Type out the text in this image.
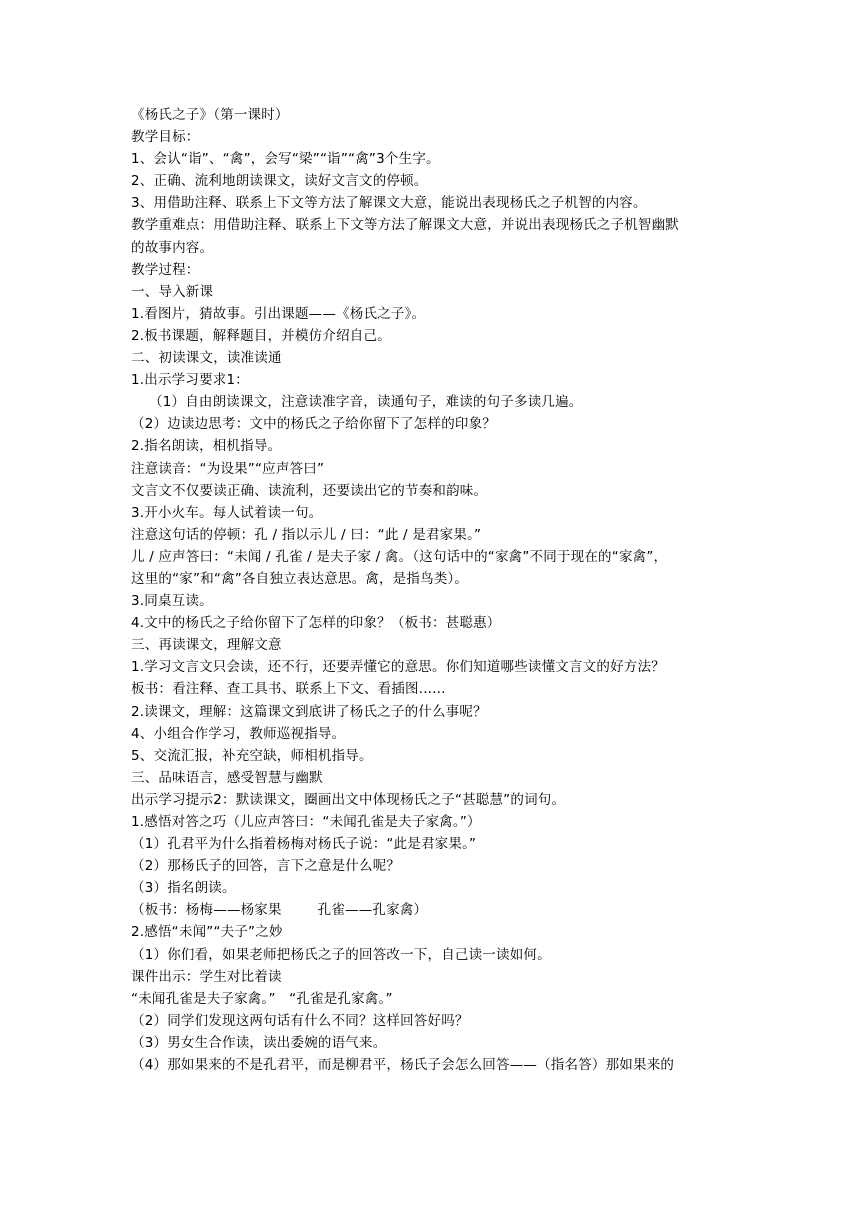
《杨氏之子》（第一课时）
教学目标：
1、会认“诣”、“禽”，会写“梁”“诣”“禽”3个生字。
2、正确、流利地朗读课文，读好文言文的停顿。
3、用借助注释、联系上下文等方法了解课文大意，能说出表现杨氏之子机智的内容。
教学重难点：用借助注释、联系上下文等方法了解课文大意，并说出表现杨氏之子机智幽默
的故事内容。
教学过程：
一、导入新课
1.看图片，猜故事。引出课题——《杨氏之子》。
2.板书课题，解释题目，并模仿介绍自己。
二、初读课文，读准读通
1.出示学习要求1：
（1）自由朗读课文，注意读准字音，读通句子，难读的句子多读几遍。
（2）边读边思考：文中的杨氏之子给你留下了怎样的印象？
2.指名朗读，相机指导。
注意读音：“为设果”“应声答曰”
文言文不仅要读正确、读流利，还要读出它的节奏和韵味。
3.开小火车。每人试着读一句。
注意这句话的停顿：孔 / 指以示儿 / 曰：“此 / 是君家果。”
儿 / 应声答曰：“未闻 / 孔雀 / 是夫子家 / 禽。（这句话中的“家禽”不同于现在的“家禽”，
这里的“家”和“禽”各自独立表达意思。禽，是指鸟类）。
3.同桌互读。
4.文中的杨氏之子给你留下了怎样的印象？（板书：甚聪惠）
三、再读课文，理解文意
1.学习文言文只会读，还不行，还要弄懂它的意思。你们知道哪些读懂文言文的好方法？
板书：看注释、查工具书、联系上下文、看插图......
2.读课文，理解：这篇课文到底讲了杨氏之子的什么事呢？
4、小组合作学习，教师巡视指导。
5、交流汇报，补充空缺，师相机指导。
三、品味语言，感受智慧与幽默
出示学习提示2：默读课文，圈画出文中体现杨氏之子“甚聪慧”的词句。
1.感悟对答之巧（儿应声答曰：“未闻孔雀是夫子家禽。”）
（1）孔君平为什么指着杨梅对杨氏子说：“此是君家果。”
（2）那杨氏子的回答，言下之意是什么呢？
（3）指名朗读。
（板书：杨梅——杨家果        孔雀——孔家禽）
2.感悟“未闻”“夫子”之妙
（1）你们看，如果老师把杨氏之子的回答改一下，自己读一读如何。
课件出示：学生对比着读
“未闻孔雀是夫子家禽。”   “孔雀是孔家禽。”
（2）同学们发现这两句话有什么不同？这样回答好吗？
（3）男女生合作读，读出委婉的语气来。
（4）那如果来的不是孔君平，而是柳君平，杨氏子会怎么回答——（指名答）那如果来的
